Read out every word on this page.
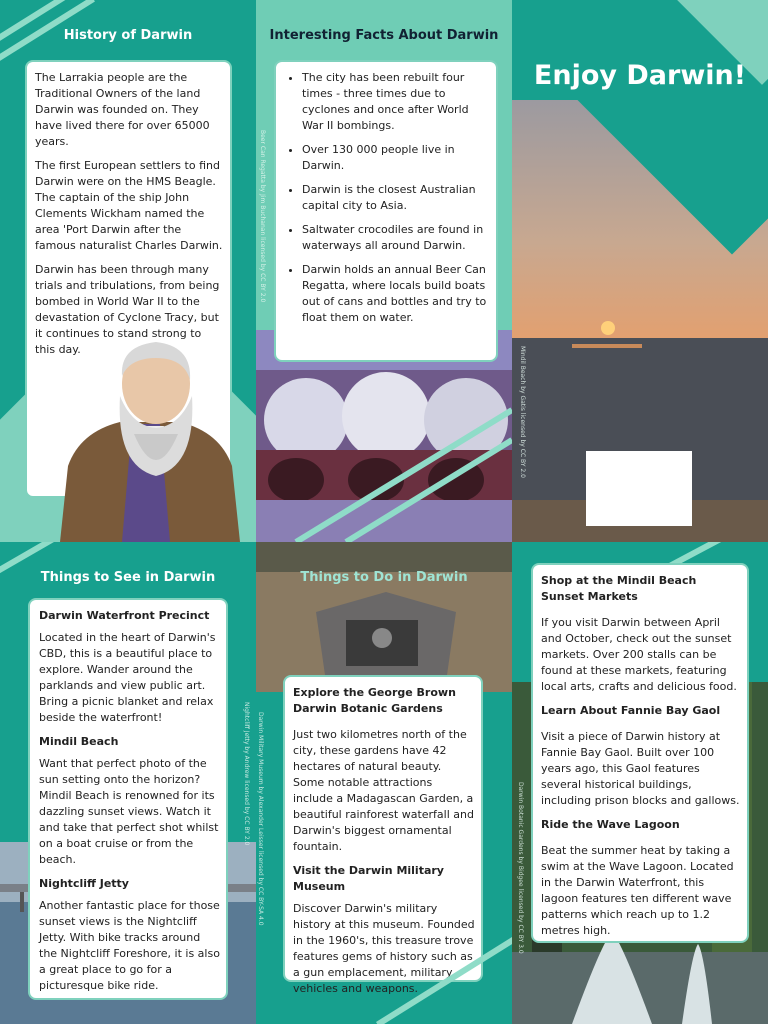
History of Darwin

The Larrakia people are the Traditional Owners of the land Darwin was founded on. They have lived there for over 65000 years.

The first European settlers to find Darwin were on the HMS Beagle. The captain of the ship John Clements Wickham named the area 'Port Darwin after the famous naturalist Charles Darwin.

Darwin has been through many trials and tribulations, from being bombed in World War II to the devastation of Cyclone Tracy, but it continues to stand strong to this day.

Interesting Facts About Darwin
• The city has been rebuilt four times - three times due to cyclones and once after World War II bombings.
• Over 130 000 people live in Darwin.
• Darwin is the closest Australian capital city to Asia.
• Saltwater crocodiles are found in waterways all around Darwin.
• Darwin holds an annual Beer Can Regatta, where locals build boats out of cans and bottles and try to float them on water.
Beer Can Regatta by Jim Buchanan licensed by CC BY 2.0
Enjoy Darwin!
Mindil Beach by Gatis licensed by CC BY 2.0
Things to See in Darwin
Darwin Waterfront Precinct

Located in the heart of Darwin's CBD, this is a beautiful place to explore. Wander around the parklands and view public art. Bring a picnic blanket and relax beside the waterfront!

Mindil Beach

Want that perfect photo of the sun setting onto the horizon? Mindil Beach is renowned for its dazzling sunset views. Watch it and take that perfect shot whilst on a boat cruise or from the beach.

Nightcliff Jetty

Another fantastic place for those sunset views is the Nightcliff Jetty. With bike tracks around the Nightcliff Foreshore, it is also a great place to go for a picturesque bike ride.

Nightcliff Jetty by Andrew licensed by CC BY 2.0
Things to Do in Darwin
Explore the George Brown Darwin Botanic Gardens

Just two kilometres north of the city, these gardens have 42 hectares of natural beauty. Some notable attractions include a Madagascan Garden, a beautiful rainforest waterfall and Darwin's biggest ornamental fountain.

Visit the Darwin Military Museum

Discover Darwin's military history at this museum. Founded in the 1960's, this treasure trove features gems of history such as a gun emplacement, military vehicles and weapons.

Darwin Military Museum by Alexander Leisser licensed by CC BY-SA 4.0
Shop at the Mindil Beach Sunset Markets

If you visit Darwin between April and October, check out the sunset markets. Over 200 stalls can be found at these markets, featuring local arts, crafts and delicious food.

Learn About Fannie Bay Gaol

Visit a piece of Darwin history at Fannie Bay Gaol. Built over 100 years ago, this Gaol features several historical buildings, including prison blocks and gallows.

Ride the Wave Lagoon

Beat the summer heat by taking a swim at the Wave Lagoon. Located in the Darwin Waterfront, this lagoon features ten different wave patterns which reach up to 1.2 metres high.

Darwin Botanic Gardens by Bidgee licensed by CC BY 3.0
